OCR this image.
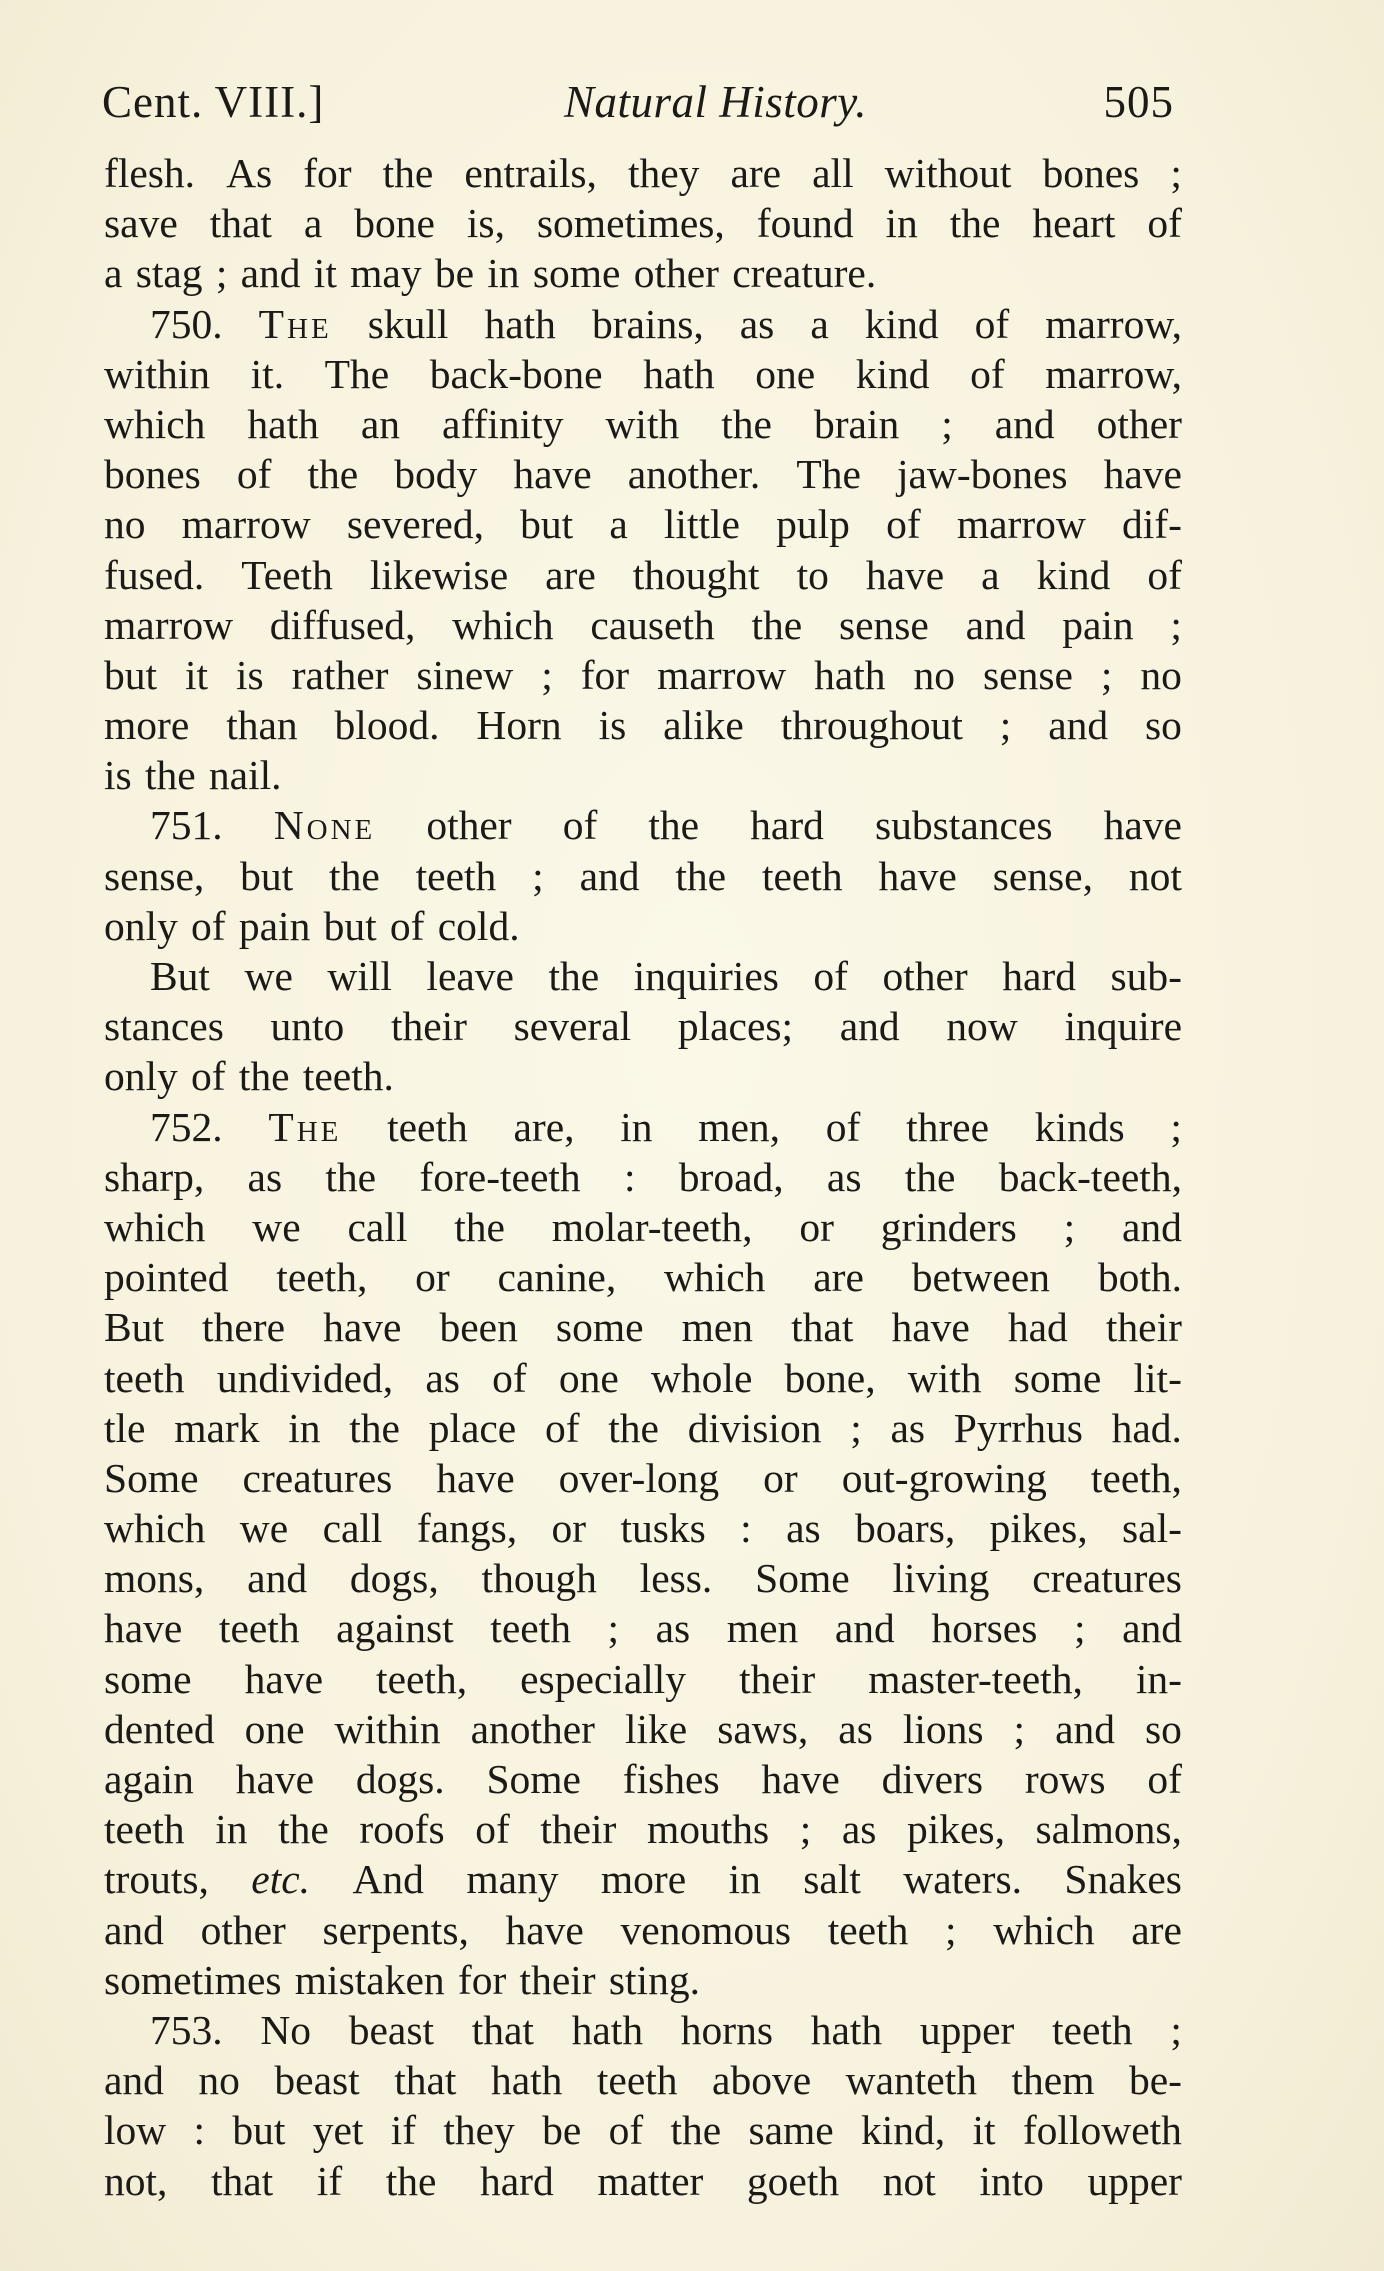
Cent. VIII.]	Natural History.	505
flesh. As for the entrails, they are all without bones ;
save that a bone is, sometimes, found in the heart of
a stag ; and it may be in some other creature.
750. The skull hath brains, as a kind of marrow,
within it. The back-bone hath one kind of marrow,
which hath an affinity with the brain ; and other
bones of the body have another. The jaw-bones have
no marrow severed, but a little pulp of marrow dif-
fused. Teeth likewise are thought to have a kind of
marrow diffused, which causeth the sense and pain ;
but it is rather sinew ; for marrow hath no sense ; no
more than blood. Horn is alike throughout ; and so
is the nail.
751. None other of the hard substances have
sense, but the teeth ; and the teeth have sense, not
only of pain but of cold.
But we will leave the inquiries of other hard sub-
stances unto their several places; and now inquire
only of the teeth.
752. The teeth are, in men, of three kinds ;
sharp, as the fore-teeth : broad, as the back-teeth,
which we call the molar-teeth, or grinders ; and
pointed teeth, or canine, which are between both.
But there have been some men that have had their
teeth undivided, as of one whole bone, with some lit-
tle mark in the place of the division ; as Pyrrhus had.
Some creatures have over-long or out-growing teeth,
which we call fangs, or tusks : as boars, pikes, sal-
mons, and dogs, though less. Some living creatures
have teeth against teeth ; as men and horses ; and
some have teeth, especially their master-teeth, in-
dented one within another like saws, as lions ; and so
again have dogs. Some fishes have divers rows of
teeth in the roofs of their mouths ; as pikes, salmons,
trouts, etc. And many more in salt waters. Snakes
and other serpents, have venomous teeth ; which are
sometimes mistaken for their sting.
753. No beast that hath horns hath upper teeth ;
and no beast that hath teeth above wanteth them be-
low : but yet if they be of the same kind, it followeth
not, that if the hard matter goeth not into upper
